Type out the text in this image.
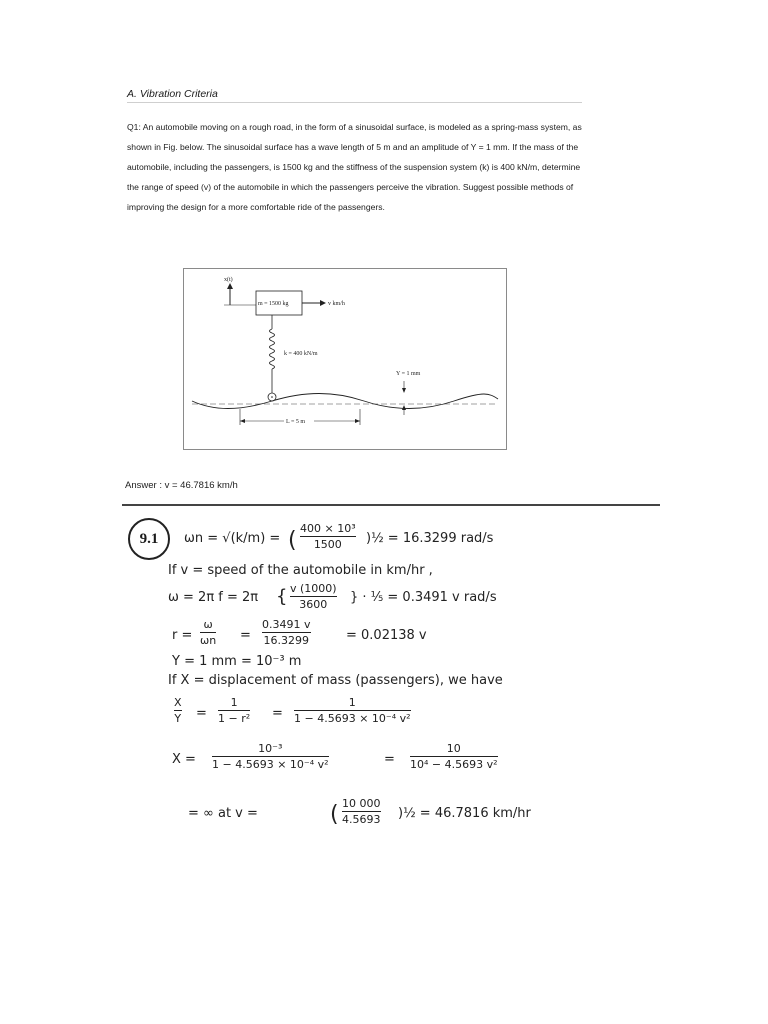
A. Vibration Criteria
Q1: An automobile moving on a rough road, in the form of a sinusoidal surface, is modeled as a spring-mass system, as shown in Fig. below. The sinusoidal surface has a wave length of 5 m and an amplitude of Y = 1 mm. If the mass of the automobile, including the passengers, is 1500 kg and the stiffness of the suspension system (k) is 400 kN/m, determine the range of speed (v) of the automobile in which the passengers perceive the vibration. Suggest possible methods of improving the design for a more comfortable ride of the passengers.
x(t)
m = 1500 kg	v km/h
k = 400 kN/m
Y = 1 mm
L = 5 m
Answer : v = 46.7816 km/h
9.1	ωn = √(k/m) = ( 400 × 10³
1500 )½ = 16.3299 rad/s
If v = speed of the automobile in km/hr ,
ω = 2π f = 2π { v (1000)
3600 } · ⅕ = 0.3491 v rad/s
r =
ω
ωn =
0.3491 v
16.3299	= 0.02138 v
Y = 1 mm = 10⁻³ m
If X = displacement of mass (passengers), we have
X
Y =
1
1 − r² =
1
1 − 4.5693 × 10⁻⁴ v²
X =
10⁻³
1 − 4.5693 × 10⁻⁴ v²	=
10
10⁴ − 4.5693 v²
= ∞ at v =	( 10 000
4.5693 )½ = 46.7816 km/hr
